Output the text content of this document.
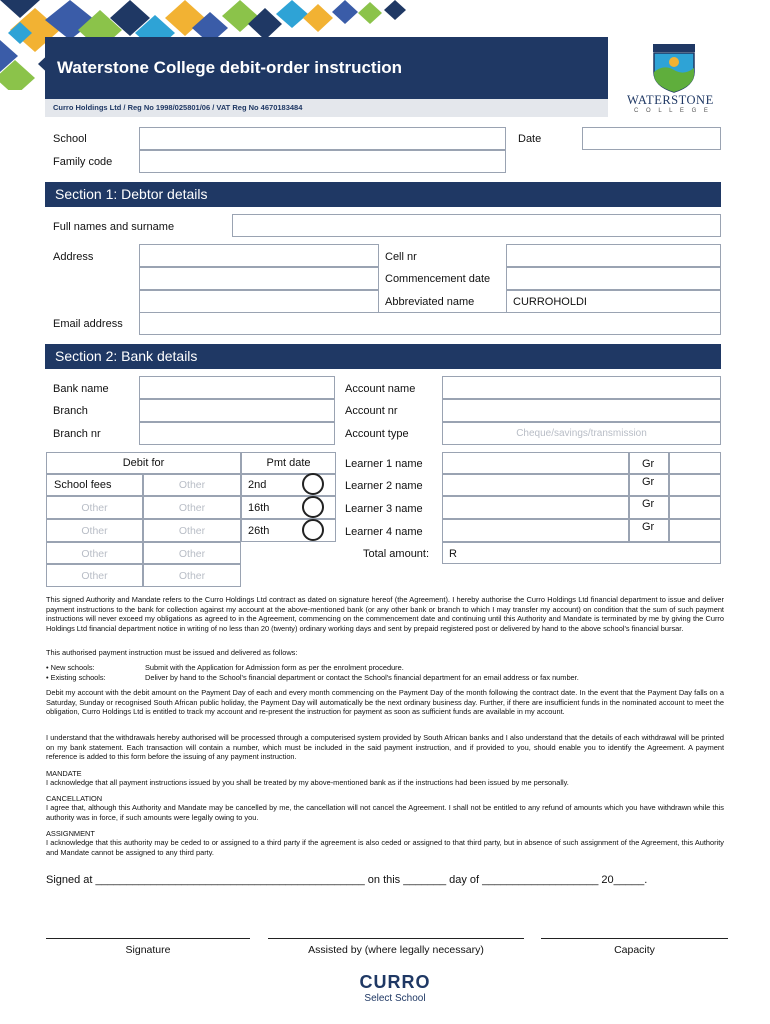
Waterstone College debit-order instruction
Curro Holdings Ltd / Reg No 1998/025801/06 / VAT Reg No 4670183484
WATERSTONE
C O L L E G E
School	Date
Family code
Section 1: Debtor details
Full names and surname
Address	Cell nr
Commencement date
Abbreviated name	CURROHOLDI
Email address
Section 2: Bank details
Bank name
Branch
Branch nr
Account name
Account nr
Account type	Cheque/savings/transmission
Debit for	Pmt date
School fees	Other	2nd
Other	Other	16th
Other	Other	26th
Other	Other
Other	Other
Learner 1 name	Gr
Learner 2 name	Gr
Learner 3 name	Gr
Learner 4 name	Gr
Total amount: R
This signed Authority and Mandate refers to the Curro Holdings Ltd contract as dated on signature hereof (the Agreement). I hereby authorise the Curro Holdings Ltd financial department to issue and deliver payment instructions to the bank for collection against my account at the above-mentioned bank (or any other bank or branch to which I may transfer my account) on condition that the sum of such payment instructions will never exceed my obligations as agreed to in the Agreement, commencing on the commencement date and continuing until this Authority and Mandate is terminated by me by giving the Curro Holdings Ltd financial department notice in writing of no less than 20 (twenty) ordinary working days and sent by prepaid registered post or delivered by hand to the above school's financial bursar.
This authorised payment instruction must be issued and delivered as follows:
• New schools:	Submit with the Application for Admission form as per the enrolment procedure.
• Existing schools:	Deliver by hand to the School's financial department or contact the School's financial department for an email address or fax number.
Debit my account with the debit amount on the Payment Day of each and every month commencing on the Payment Day of the month following the contract date. In the event that the Payment Day falls on a Saturday, Sunday or recognised South African public holiday, the Payment Day will automatically be the next ordinary business day. Further, if there are insufficient funds in the nominated account to meet the obligation, Curro Holdings Ltd is entitled to track my account and re-present the instruction for payment as soon as sufficient funds are available in my account.
I understand that the withdrawals hereby authorised will be processed through a computerised system provided by South African banks and I also understand that the details of each withdrawal will be printed on my bank statement. Each transaction will contain a number, which must be included in the said payment instruction, and if provided to you, should enable you to identify the Agreement. A payment reference is added to this form before the issuing of any payment instruction.
MANDATE
I acknowledge that all payment instructions issued by you shall be treated by my above-mentioned bank as if the instructions had been issued by me personally.
CANCELLATION
I agree that, although this Authority and Mandate may be cancelled by me, the cancellation will not cancel the Agreement. I shall not be entitled to any refund of amounts which you have withdrawn while this authority was in force, if such amounts were legally owing to you.
ASSIGNMENT
I acknowledge that this authority may be ceded to or assigned to a third party if the agreement is also ceded or assigned to that third party, but in absence of such assignment of the Agreement, this Authority and Mandate cannot be assigned to any third party.
Signed at ____________________________________________ on this _______ day of ___________________ 20_____.
Signature	Assisted by (where legally necessary)	Capacity
CURRO
Select School
